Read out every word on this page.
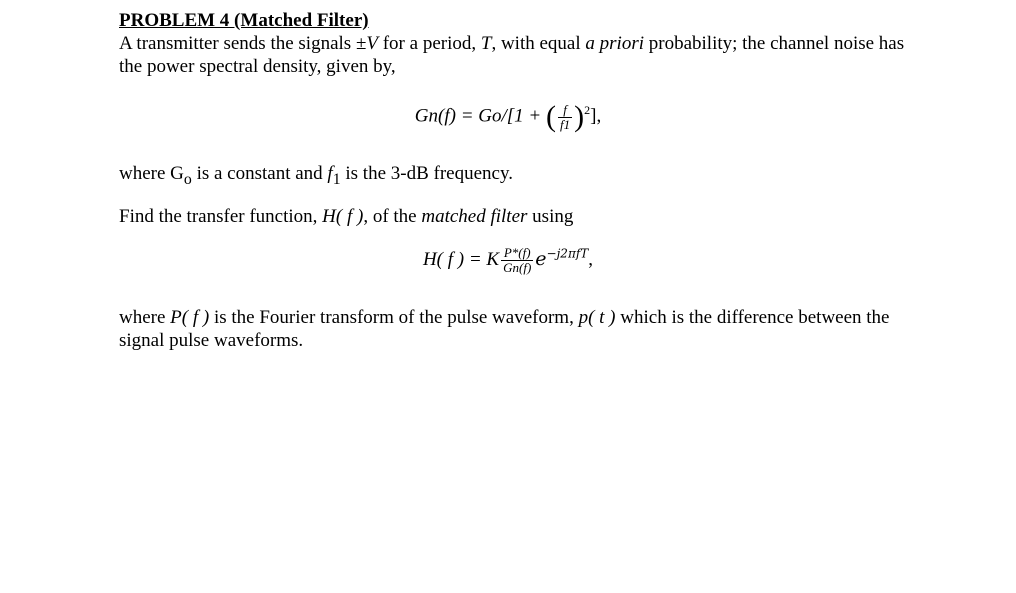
PROBLEM 4 (Matched Filter)

A transmitter sends the signals ±V for a period, T, with equal a priori probability; the channel noise has the power spectral density, given by,

Gn(f) = Go/[1 + ( $\frac{f}{f1} )^2$],

where $G_o$ is a constant and $f_1$ is the 3-dB frequency.

Find the transfer function, H( f ), of the matched filter using

H( f ) = K $\frac{P*(f)}{Gn(f)} e^{-j2\pi fT}$,

where P( f ) is the Fourier transform of the pulse waveform, p( t ) which is the difference between the signal pulse waveforms.
